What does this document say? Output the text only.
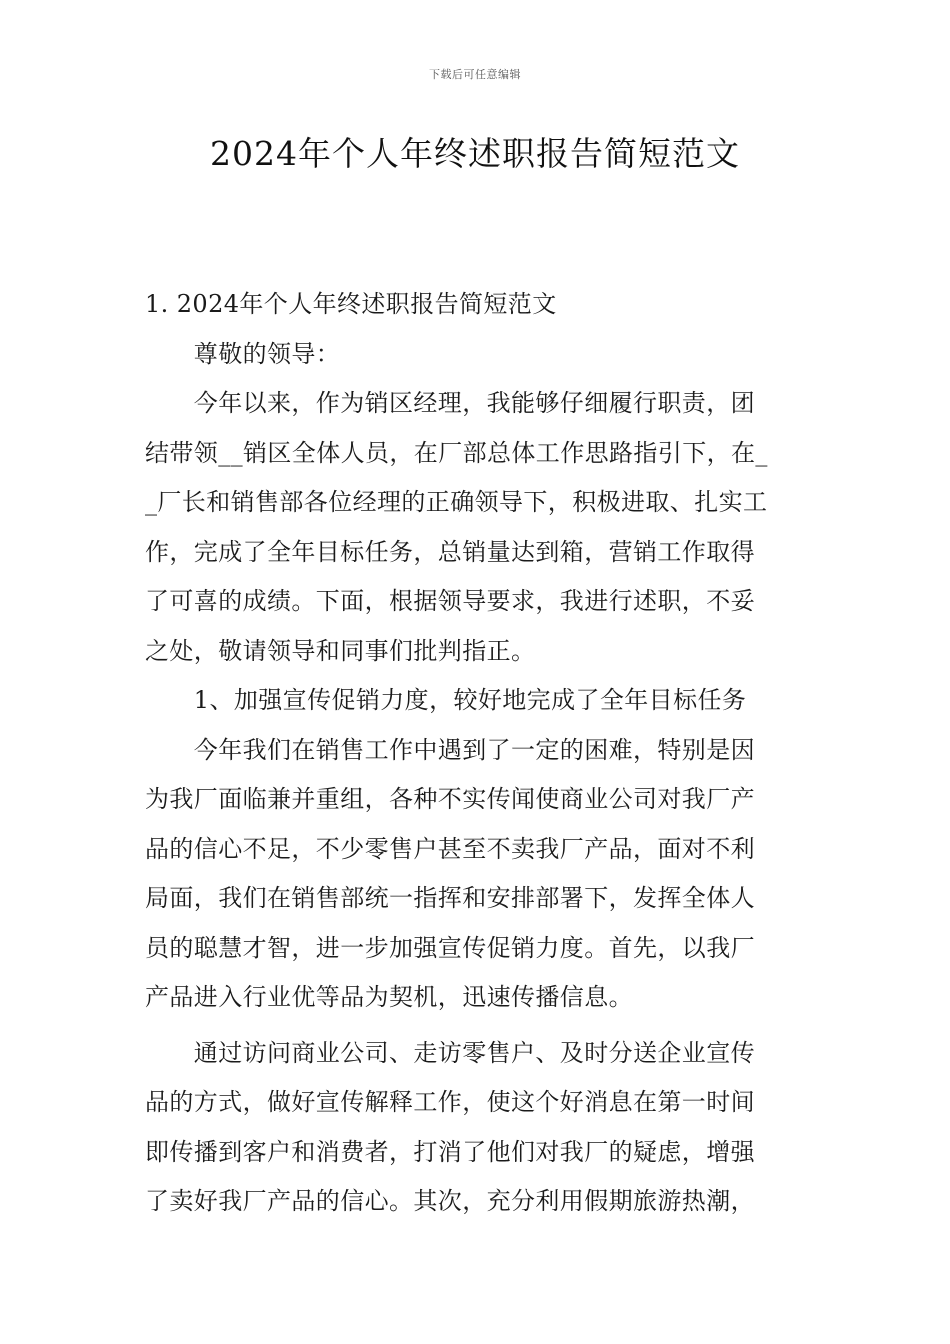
下载后可任意编辑
2024年个人年终述职报告简短范文
1. 2024年个人年终述职报告简短范文
　　尊敬的领导：
　　今年以来，作为销区经理，我能够仔细履行职责，团
结带领__销区全体人员，在厂部总体工作思路指引下，在_
_厂长和销售部各位经理的正确领导下，积极进取、扎实工
作，完成了全年目标任务，总销量达到箱，营销工作取得
了可喜的成绩。下面，根据领导要求，我进行述职，不妥
之处，敬请领导和同事们批判指正。
　　1、加强宣传促销力度，较好地完成了全年目标任务
　　今年我们在销售工作中遇到了一定的困难，特别是因
为我厂面临兼并重组，各种不实传闻使商业公司对我厂产
品的信心不足，不少零售户甚至不卖我厂产品，面对不利
局面，我们在销售部统一指挥和安排部署下，发挥全体人
员的聪慧才智，进一步加强宣传促销力度。首先，以我厂
产品进入行业优等品为契机，迅速传播信息。
　　通过访问商业公司、走访零售户、及时分送企业宣传
品的方式，做好宣传解释工作，使这个好消息在第一时间
即传播到客户和消费者，打消了他们对我厂的疑虑，增强
了卖好我厂产品的信心。其次，充分利用假期旅游热潮，
